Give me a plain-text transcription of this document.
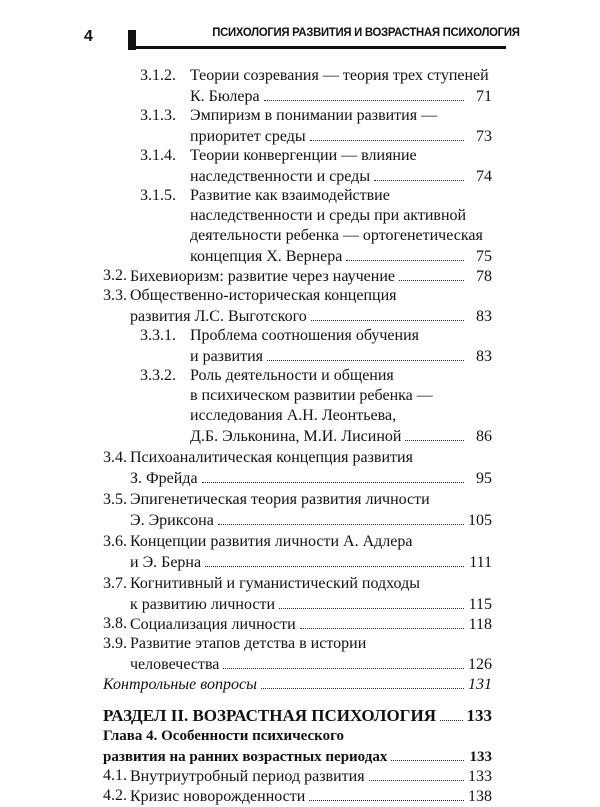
4	ПСИХОЛОГИЯ РАЗВИТИЯ И ВОЗРАСТНАЯ ПСИХОЛОГИЯ
3.1.2. Теории созревания — теория трех ступеней
К. Бюлера	71
3.1.3. Эмпиризм в понимании развития —
приоритет среды	73
3.1.4. Теории конвергенции — влияние
наследственности и среды	74
3.1.5. Развитие как взаимодействие
наследственности и среды при активной
деятельности ребенка — ортогенетическая
концепция Х. Вернера	75
3.2. Бихевиоризм: развитие через научение	78
3.3. Общественно-историческая концепция
развития Л.С. Выготского	83
3.3.1. Проблема соотношения обучения
и развития	83
3.3.2. Роль деятельности и общения
в психическом развитии ребенка —
исследования А.Н. Леонтьева,
Д.Б. Эльконина, М.И. Лисиной	86
3.4. Психоаналитическая концепция развития
З. Фрейда	95
3.5. Эпигенетическая теория развития личности
Э. Эриксона	105
3.6. Концепции развития личности А. Адлера
и Э. Берна	111
3.7. Когнитивный и гуманистический подходы
к развитию личности	115
3.8. Социализация личности	118
3.9. Развитие этапов детства в истории
человечества	126
Контрольные вопросы	131
РАЗДЕЛ II. ВОЗРАСТНАЯ ПСИХОЛОГИЯ 133
Глава 4. Особенности психического
развития на ранних возрастных периодах	133
4.1. Внутриутробный период развития	133
4.2. Кризис новорожденности	138
